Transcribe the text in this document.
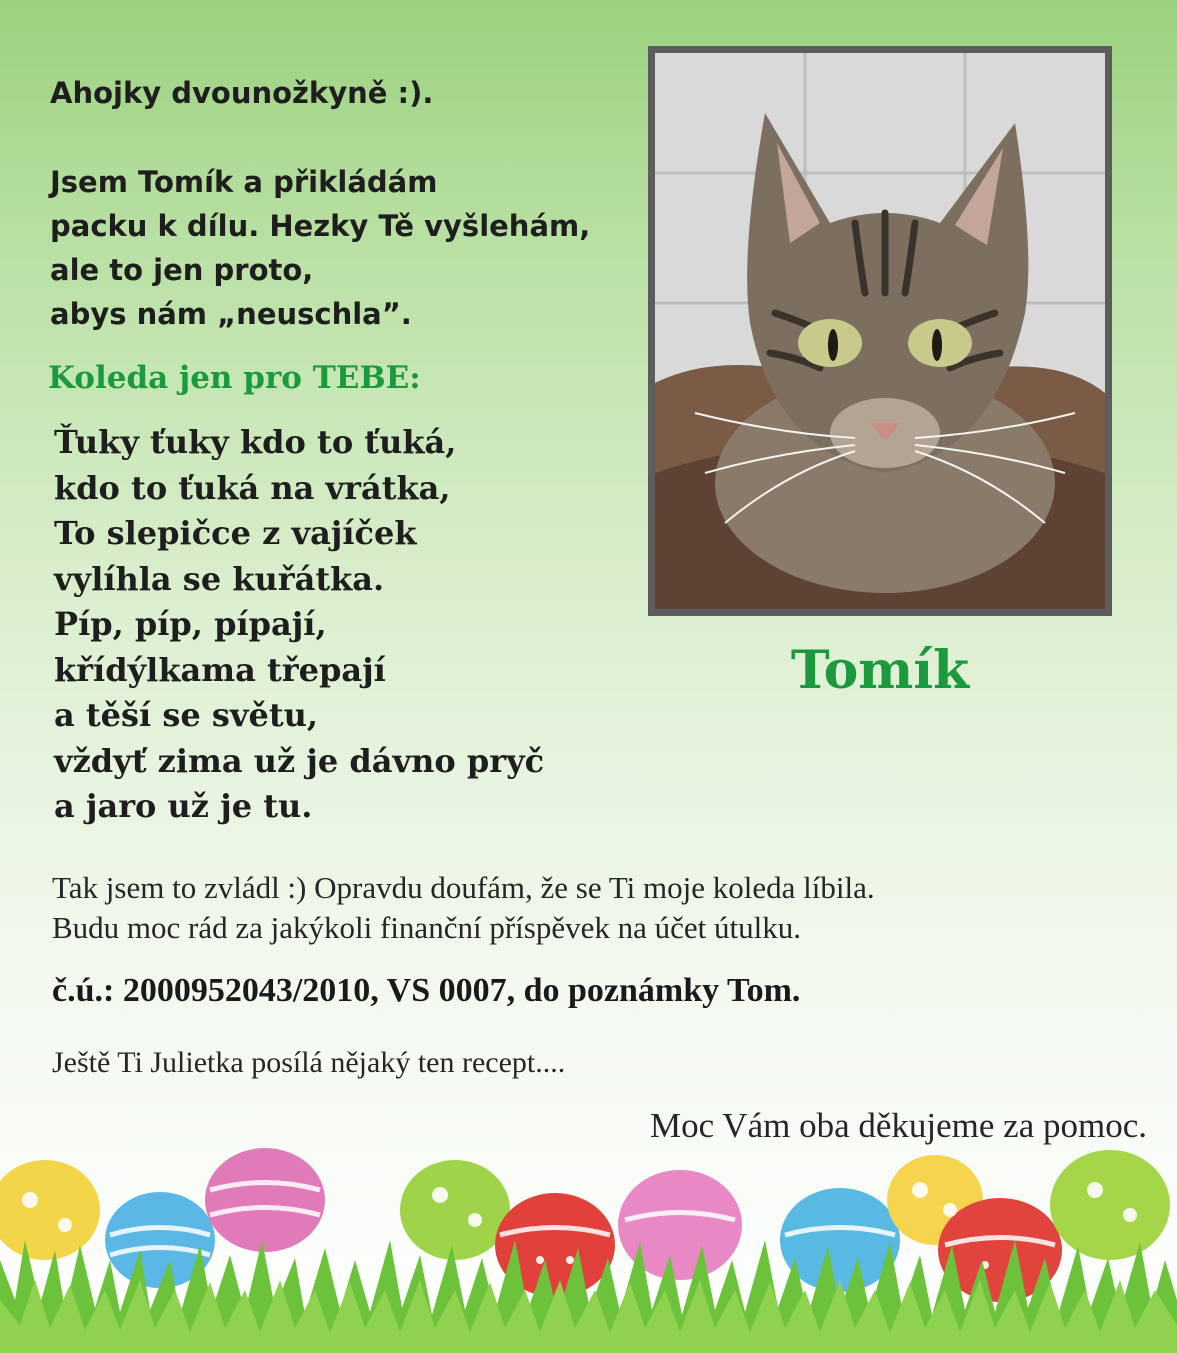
Ahojky dvounožkyně :).

Jsem Tomík a přikládám
packu k dílu. Hezky Tě vyšlehám,
ale to jen proto,
abys nám „neuschla”.
Koleda jen pro TEBE:
Ťuky ťuky kdo to ťuká,
kdo to ťuká na vrátka,
To slepičce z vajíček
vylíhla se kuřátka.
Píp, píp, pípají,
křídýlkama třepají
a těší se světu,
vždyť zima už je dávno pryč
a jaro už je tu.

Tomík

Tak jsem to zvládl :) Opravdu doufám, že se Ti moje koleda líbila.
Budu moc rád za jakýkoli finanční příspěvek na účet útulku.

č.ú.: 2000952043/2010, VS 0007, do poznámky Tom.

Ještě Ti Julietka posílá nějaký ten recept....
Moc Vám oba děkujeme za pomoc.
